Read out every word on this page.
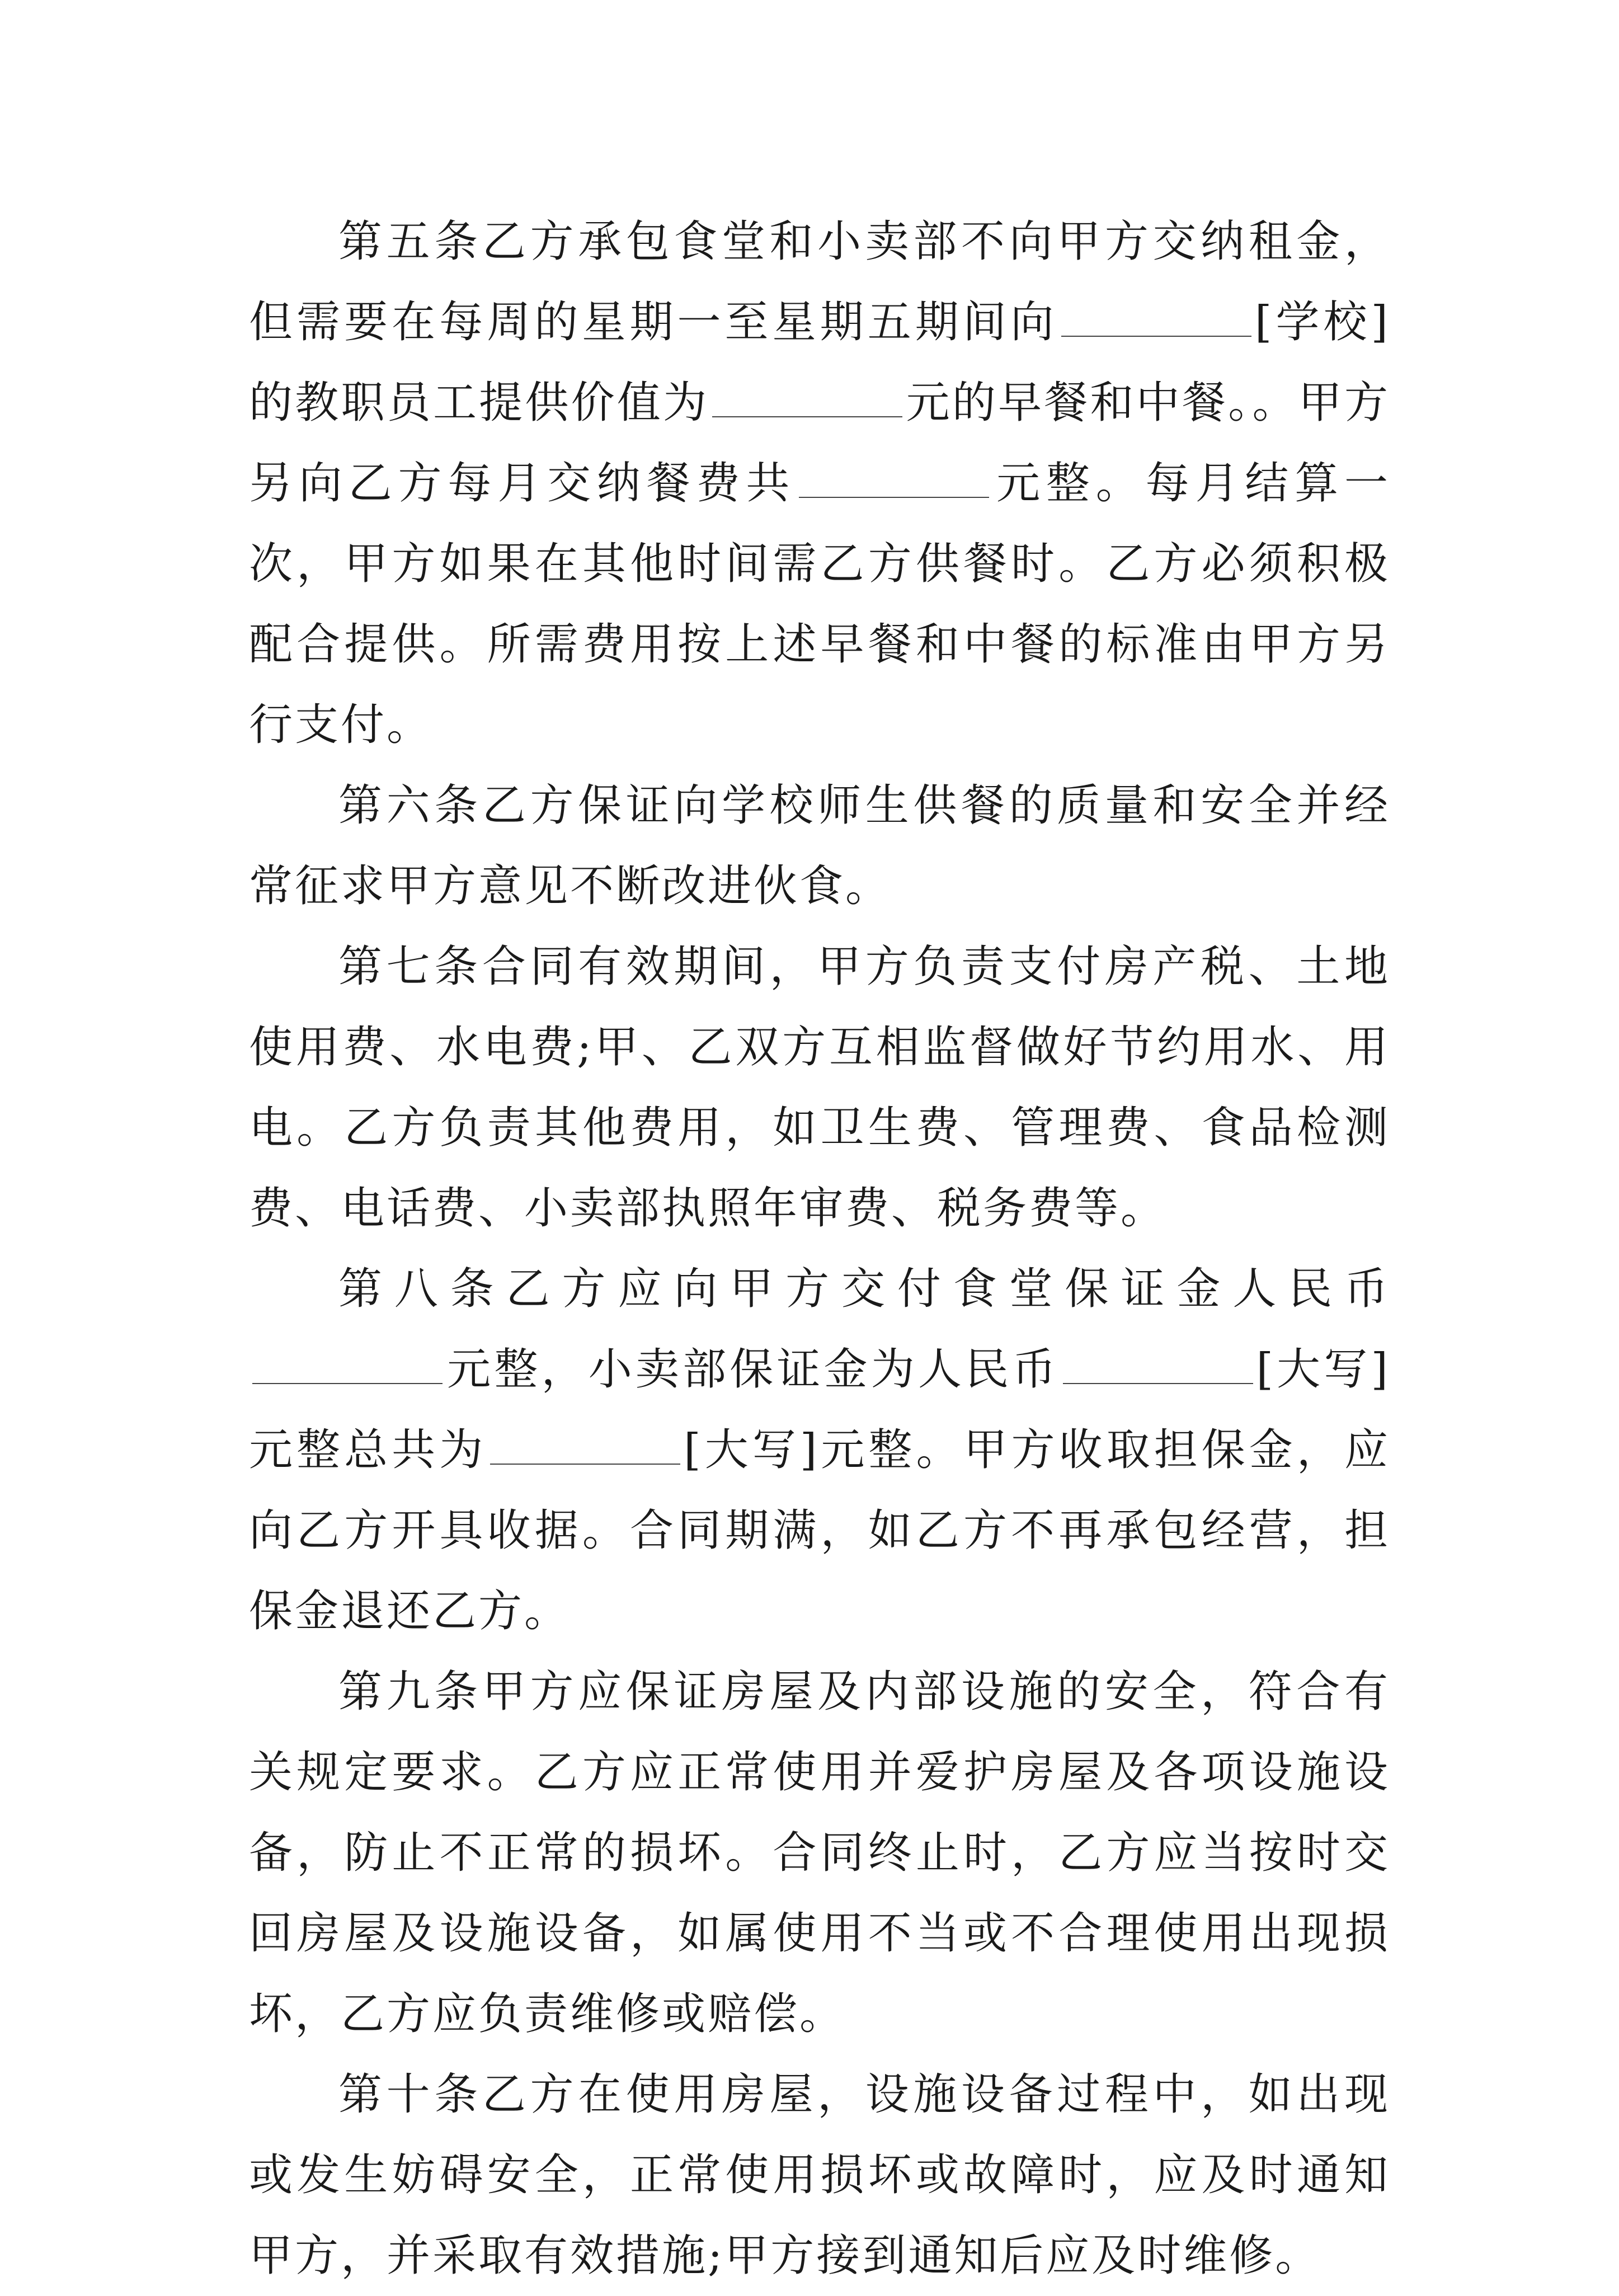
第五条乙方承包食堂和小卖部不向甲方交纳租金，但需要在每周的星期一至星期五期间向	[学校]的教职员工提供价值为	元的早餐和中餐。。甲方另向乙方每月交纳餐费共	元整。每月结算一次，甲方如果在其他时间需乙方供餐时。乙方必须积极配合提供。所需费用按上述早餐和中餐的标准由甲方另行支付。

第六条乙方保证向学校师生供餐的质量和安全并经常征求甲方意见不断改进伙食。

第七条合同有效期间，甲方负责支付房产税、土地使用费、水电费;甲、乙双方互相监督做好节约用水、用电。乙方负责其他费用，如卫生费、管理费、食品检测费、电话费、小卖部执照年审费、税务费等。

第八条乙方应向甲方交付食堂保证金人民币元整，小卖部保证金为人民币	[大写]元整总共为	[大写]元整。甲方收取担保金，应向乙方开具收据。合同期满，如乙方不再承包经营，担保金退还乙方。

第九条甲方应保证房屋及内部设施的安全，符合有关规定要求。乙方应正常使用并爱护房屋及各项设施设备，防止不正常的损坏。合同终止时，乙方应当按时交回房屋及设施设备，如属使用不当或不合理使用出现损坏，乙方应负责维修或赔偿。

第十条乙方在使用房屋，设施设备过程中，如出现或发生妨碍安全，正常使用损坏或故障时，应及时通知甲方，并采取有效措施;甲方接到通知后应及时维修。
